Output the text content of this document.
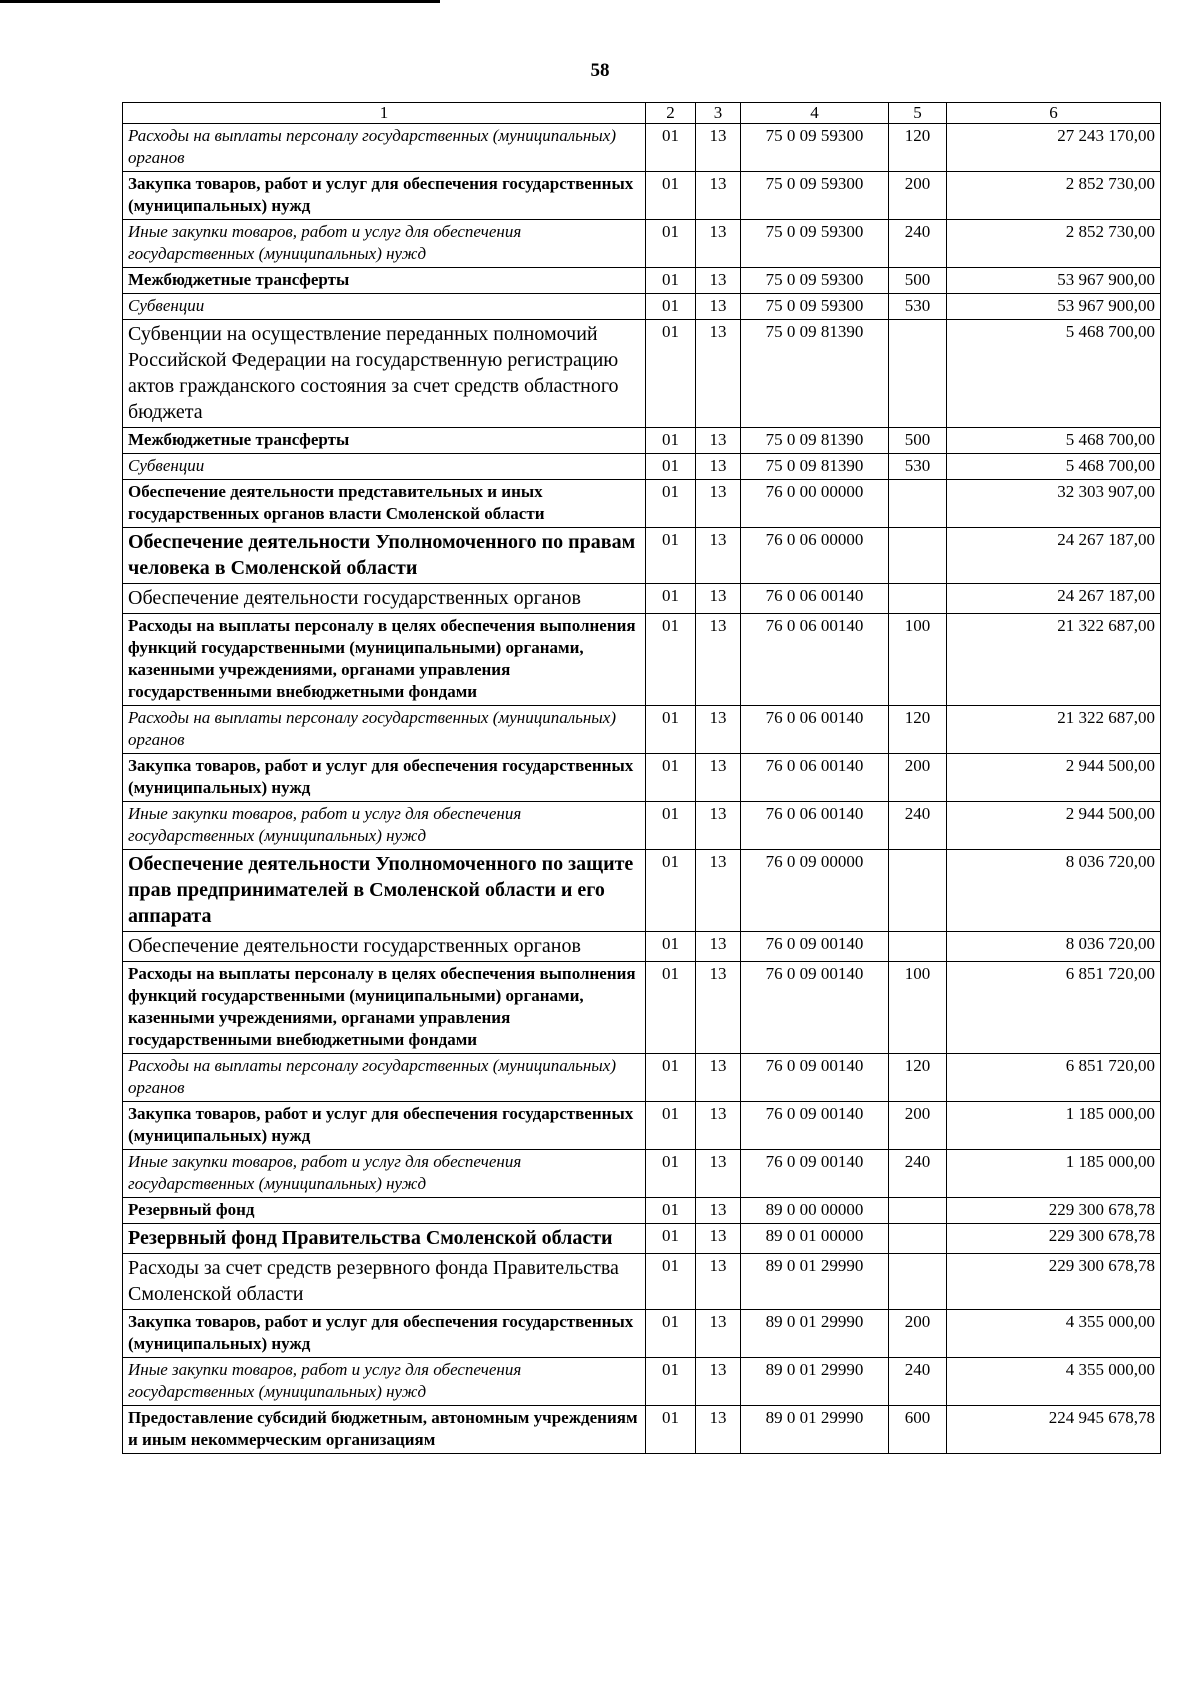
58
1	2	3	4	5	6
Расходы на выплаты персоналу государственных (муниципальных) органов	01	13	75 0 09 59300	120	27 243 170,00
Закупка товаров, работ и услуг для обеспечения государственных (муниципальных) нужд	01	13	75 0 09 59300	200	2 852 730,00
Иные закупки товаров, работ и услуг для обеспечения государственных (муниципальных) нужд	01	13	75 0 09 59300	240	2 852 730,00
Межбюджетные трансферты	01	13	75 0 09 59300	500	53 967 900,00
Субвенции	01	13	75 0 09 59300	530	53 967 900,00
Субвенции на осуществление переданных полномочий Российской Федерации на государственную регистрацию актов гражданского состояния за счет средств областного бюджета	01	13	75 0 09 81390		5 468 700,00
Межбюджетные трансферты	01	13	75 0 09 81390	500	5 468 700,00
Субвенции	01	13	75 0 09 81390	530	5 468 700,00
Обеспечение деятельности представительных и иных государственных органов власти Смоленской области	01	13	76 0 00 00000		32 303 907,00
Обеспечение деятельности Уполномоченного по правам человека в Смоленской области	01	13	76 0 06 00000		24 267 187,00
Обеспечение деятельности государственных органов	01	13	76 0 06 00140		24 267 187,00
Расходы на выплаты персоналу в целях обеспечения выполнения функций государственными (муниципальными) органами, казенными учреждениями, органами управления государственными внебюджетными фондами	01	13	76 0 06 00140	100	21 322 687,00
Расходы на выплаты персоналу государственных (муниципальных) органов	01	13	76 0 06 00140	120	21 322 687,00
Закупка товаров, работ и услуг для обеспечения государственных (муниципальных) нужд	01	13	76 0 06 00140	200	2 944 500,00
Иные закупки товаров, работ и услуг для обеспечения государственных (муниципальных) нужд	01	13	76 0 06 00140	240	2 944 500,00
Обеспечение деятельности Уполномоченного по защите прав предпринимателей в Смоленской области и его аппарата	01	13	76 0 09 00000		8 036 720,00
Обеспечение деятельности государственных органов	01	13	76 0 09 00140		8 036 720,00
Расходы на выплаты персоналу в целях обеспечения выполнения функций государственными (муниципальными) органами, казенными учреждениями, органами управления государственными внебюджетными фондами	01	13	76 0 09 00140	100	6 851 720,00
Расходы на выплаты персоналу государственных (муниципальных) органов	01	13	76 0 09 00140	120	6 851 720,00
Закупка товаров, работ и услуг для обеспечения государственных (муниципальных) нужд	01	13	76 0 09 00140	200	1 185 000,00
Иные закупки товаров, работ и услуг для обеспечения государственных (муниципальных) нужд	01	13	76 0 09 00140	240	1 185 000,00
Резервный фонд	01	13	89 0 00 00000		229 300 678,78
Резервный фонд Правительства Смоленской области	01	13	89 0 01 00000		229 300 678,78
Расходы за счет средств резервного фонда Правительства Смоленской области	01	13	89 0 01 29990		229 300 678,78
Закупка товаров, работ и услуг для обеспечения государственных (муниципальных) нужд	01	13	89 0 01 29990	200	4 355 000,00
Иные закупки товаров, работ и услуг для обеспечения государственных (муниципальных) нужд	01	13	89 0 01 29990	240	4 355 000,00
Предоставление субсидий бюджетным, автономным учреждениям и иным некоммерческим организациям	01	13	89 0 01 29990	600	224 945 678,78
